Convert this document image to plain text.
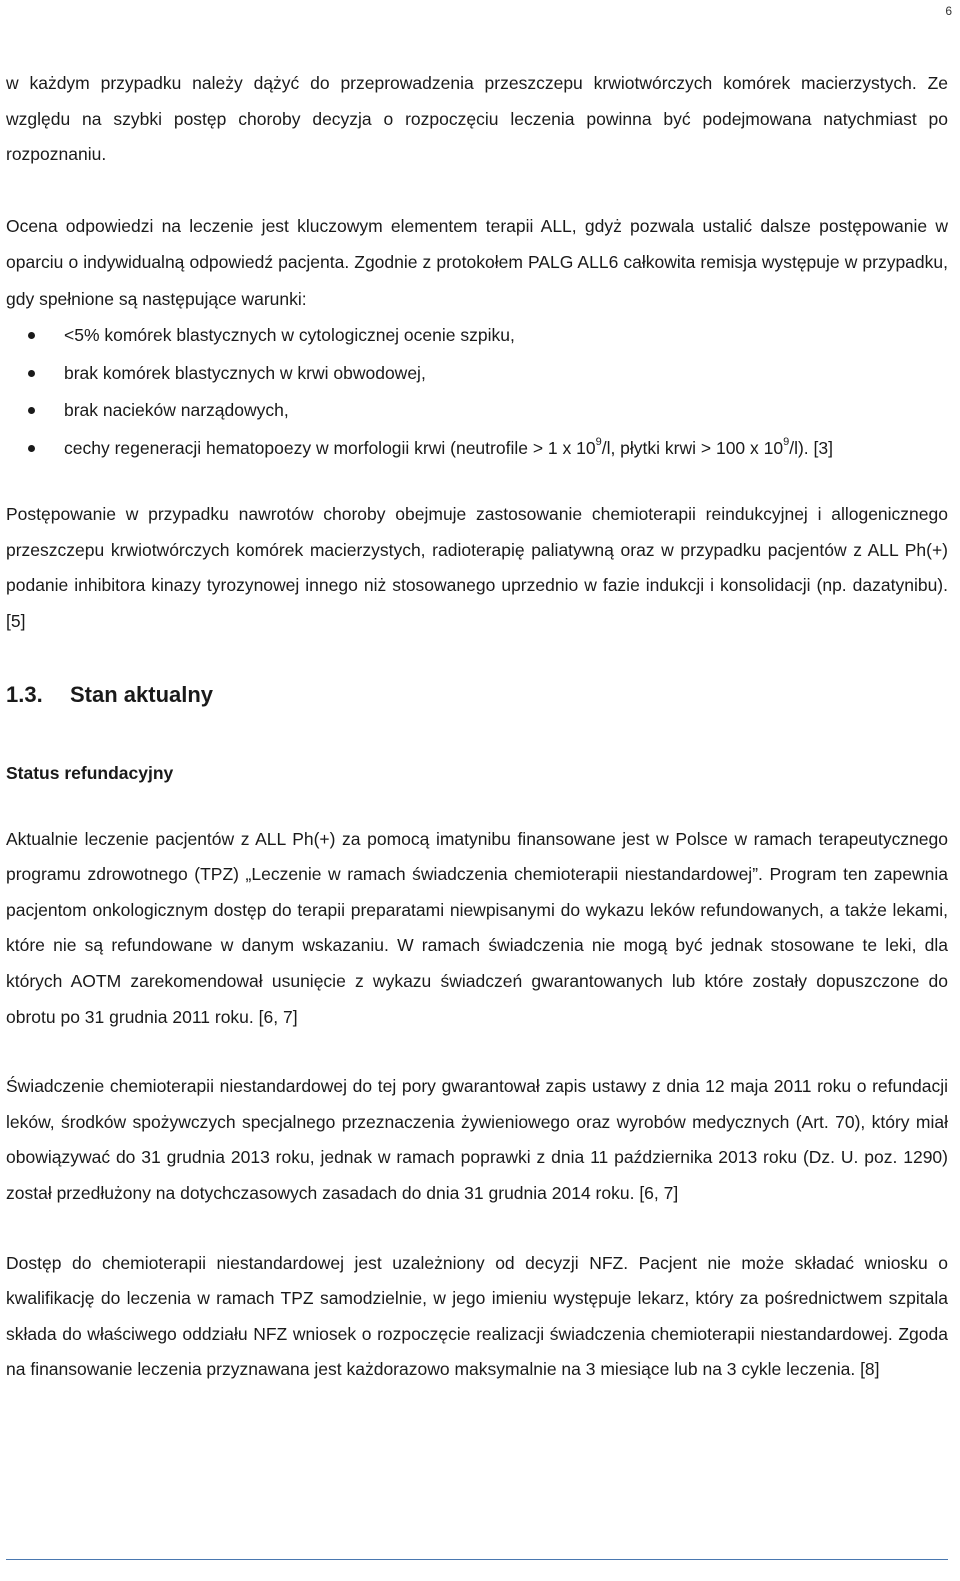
6

w każdym przypadku należy dążyć do przeprowadzenia przeszczepu krwiotwórczych komórek macierzystych. Ze względu na szybki postęp choroby decyzja o rozpoczęciu leczenia powinna być podejmowana natychmiast po rozpoznaniu.

Ocena odpowiedzi na leczenie jest kluczowym elementem terapii ALL, gdyż pozwala ustalić dalsze postępowanie w oparciu o indywidualną odpowiedź pacjenta. Zgodnie z protokołem PALG ALL6 całkowita remisja występuje w przypadku, gdy spełnione są następujące warunki:

<5% komórek blastycznych w cytologicznej ocenie szpiku,
brak komórek blastycznych w krwi obwodowej,
brak nacieków narządowych,
cechy regeneracji hematopoezy w morfologii krwi (neutrofile > 1 x $10^9/l$, płytki krwi > 100 x $10^9/l$). [3]

Postępowanie w przypadku nawrotów choroby obejmuje zastosowanie chemioterapii reindukcyjnej i allogenicznego przeszczepu krwiotwórczych komórek macierzystych, radioterapię paliatywną oraz w przypadku pacjentów z ALL Ph(+) podanie inhibitora kinazy tyrozynowej innego niż stosowanego uprzednio w fazie indukcji i konsolidacji (np. dazatynibu). [5]

1.3. Stan aktualny
Status refundacyjny

Aktualnie leczenie pacjentów z ALL Ph(+) za pomocą imatynibu finansowane jest w Polsce w ramach terapeutycznego programu zdrowotnego (TPZ) „Leczenie w ramach świadczenia chemioterapii niestandardowej”. Program ten zapewnia pacjentom onkologicznym dostęp do terapii preparatami niewpisanymi do wykazu leków refundowanych, a także lekami, które nie są refundowane w danym wskazaniu. W ramach świadczenia nie mogą być jednak stosowane te leki, dla których AOTM zarekomendował usunięcie z wykazu świadczeń gwarantowanych lub które zostały dopuszczone do obrotu po 31 grudnia 2011 roku. [6, 7]

Świadczenie chemioterapii niestandardowej do tej pory gwarantował zapis ustawy z dnia 12 maja 2011 roku o refundacji leków, środków spożywczych specjalnego przeznaczenia żywieniowego oraz wyrobów medycznych (Art. 70), który miał obowiązywać do 31 grudnia 2013 roku, jednak w ramach poprawki z dnia 11 października 2013 roku (Dz. U. poz. 1290) został przedłużony na dotychczasowych zasadach do dnia 31 grudnia 2014 roku. [6, 7]

Dostęp do chemioterapii niestandardowej jest uzależniony od decyzji NFZ. Pacjent nie może składać wniosku o kwalifikację do leczenia w ramach TPZ samodzielnie, w jego imieniu występuje lekarz, który za pośrednictwem szpitala składa do właściwego oddziału NFZ wniosek o rozpoczęcie realizacji świadczenia chemioterapii niestandardowej. Zgoda na finansowanie leczenia przyznawana jest każdorazowo maksymalnie na 3 miesiące lub na 3 cykle leczenia. [8]
